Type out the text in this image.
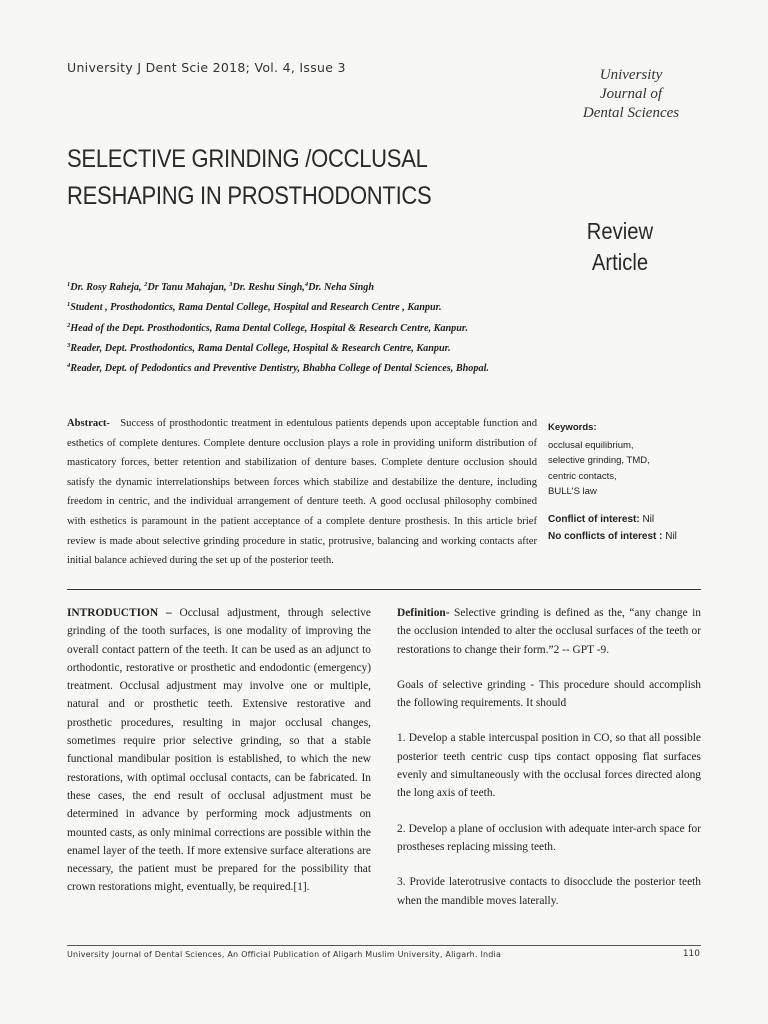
University J Dent Scie 2018; Vol. 4, Issue 3	University
Journal of
Dental Sciences
SELECTIVE GRINDING /OCCLUSAL
RESHAPING IN PROSTHODONTICS
Review
Article
$^1$Dr. Rosy Raheja, $^2$Dr Tanu Mahajan, $^3$Dr. Reshu Singh,$^4$Dr. Neha Singh
$^1$Student , Prosthodontics, Rama Dental College, Hospital and Research Centre , Kanpur.
$^2$Head of the Dept. Prosthodontics, Rama Dental College, Hospital & Research Centre, Kanpur.
$^3$Reader, Dept. Prosthodontics, Rama Dental College, Hospital & Research Centre, Kanpur.
$^4$Reader, Dept. of Pedodontics and Preventive Dentistry, Bhabha College of Dental Sciences, Bhopal.
Abstract- Success of prosthodontic treatment in edentulous patients depends upon acceptable function and esthetics of complete dentures. Complete denture occlusion plays a role in providing uniform distribution of masticatory forces, better retention and stabilization of denture bases. Complete denture occlusion should satisfy the dynamic interrelationships between forces which stabilize and destabilize the denture, including freedom in centric, and the individual arrangement of denture teeth. A good occlusal philosophy combined with esthetics is paramount in the patient acceptance of a complete denture prosthesis. In this article brief review is made about selective grinding procedure in static, protrusive, balancing and working contacts after initial balance achieved during the set up of the posterior teeth.
Keywords:
occlusal equilibrium,
selective grinding, TMD,
centric contacts,
BULL'S law
Conflict of interest: Nil
No conflicts of interest : Nil

INTRODUCTION – Occlusal adjustment, through selective grinding of the tooth surfaces, is one modality of improving the overall contact pattern of the teeth. It can be used as an adjunct to orthodontic, restorative or prosthetic and endodontic (emergency) treatment. Occlusal adjustment may involve one or multiple, natural and or prosthetic teeth. Extensive restorative and prosthetic procedures, resulting in major occlusal changes, sometimes require prior selective grinding, so that a stable functional mandibular position is established, to which the new restorations, with optimal occlusal contacts, can be fabricated. In these cases, the end result of occlusal adjustment must be determined in advance by performing mock adjustments on mounted casts, as only minimal corrections are possible within the enamel layer of the teeth. If more extensive surface alterations are necessary, the patient must be prepared for the possibility that crown restorations might, eventually, be required.[1].

Definition- Selective grinding is defined as the, “any change in the occlusion intended to alter the occlusal surfaces of the teeth or restorations to change their form.”2 -- GPT -9.

Goals of selective grinding - This procedure should accomplish the following requirements. It should

1. Develop a stable intercuspal position in CO, so that all possible posterior teeth centric cusp tips contact opposing flat surfaces evenly and simultaneously with the occlusal forces directed along the long axis of teeth.

2. Develop a plane of occlusion with adequate inter-arch space for prostheses replacing missing teeth.

3. Provide laterotrusive contacts to disocclude the posterior teeth when the mandible moves laterally.

University Journal of Dental Sciences, An Official Publication of Aligarh Muslim University, Aligarh. India	110
